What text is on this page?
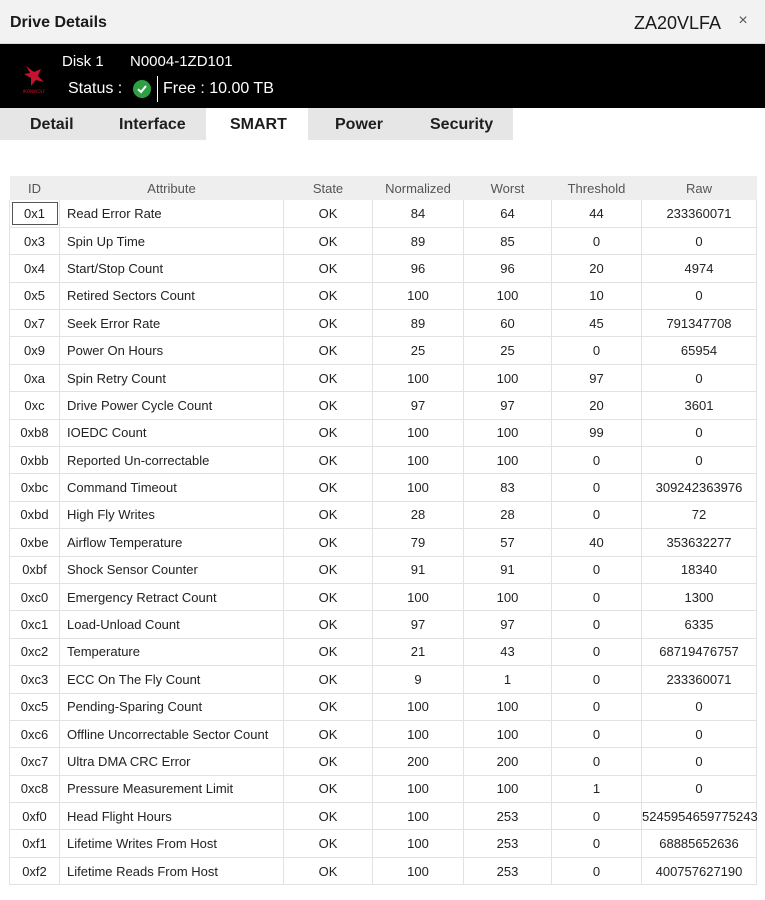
Drive Details	ZA20VLFA ×
IRONWOLF
Disk 1 N0004-1ZD101
Status :	Free : 10.00 TB
Detail	Interface	SMART	Power	Security
ID	Attribute	State	Normalized	Worst	Threshold	Raw
0x1	Read Error Rate	OK	84	64	44	233360071
0x3	Spin Up Time	OK	89	85	0	0
0x4	Start/Stop Count	OK	96	96	20	4974
0x5	Retired Sectors Count	OK	100	100	10	0
0x7	Seek Error Rate	OK	89	60	45	791347708
0x9	Power On Hours	OK	25	25	0	65954
0xa	Spin Retry Count	OK	100	100	97	0
0xc	Drive Power Cycle Count	OK	97	97	20	3601
0xb8	IOEDC Count	OK	100	100	99	0
0xbb	Reported Un-correctable	OK	100	100	0	0
0xbc	Command Timeout	OK	100	83	0	309242363976
0xbd	High Fly Writes	OK	28	28	0	72
0xbe	Airflow Temperature	OK	79	57	40	353632277
0xbf	Shock Sensor Counter	OK	91	91	0	18340
0xc0	Emergency Retract Count	OK	100	100	0	1300
0xc1	Load-Unload Count	OK	97	97	0	6335
0xc2	Temperature	OK	21	43	0	68719476757
0xc3	ECC On The Fly Count	OK	9	1	0	233360071
0xc5	Pending-Sparing Count	OK	100	100	0	0
0xc6	Offline Uncorrectable Sector Count	OK	100	100	0	0
0xc7	Ultra DMA CRC Error	OK	200	200	0	0
0xc8	Pressure Measurement Limit	OK	100	100	1	0
0xf0	Head Flight Hours	OK	100	253	0	5245954659775243
0xf1	Lifetime Writes From Host	OK	100	253	0	68885652636
0xf2	Lifetime Reads From Host	OK	100	253	0	400757627190
